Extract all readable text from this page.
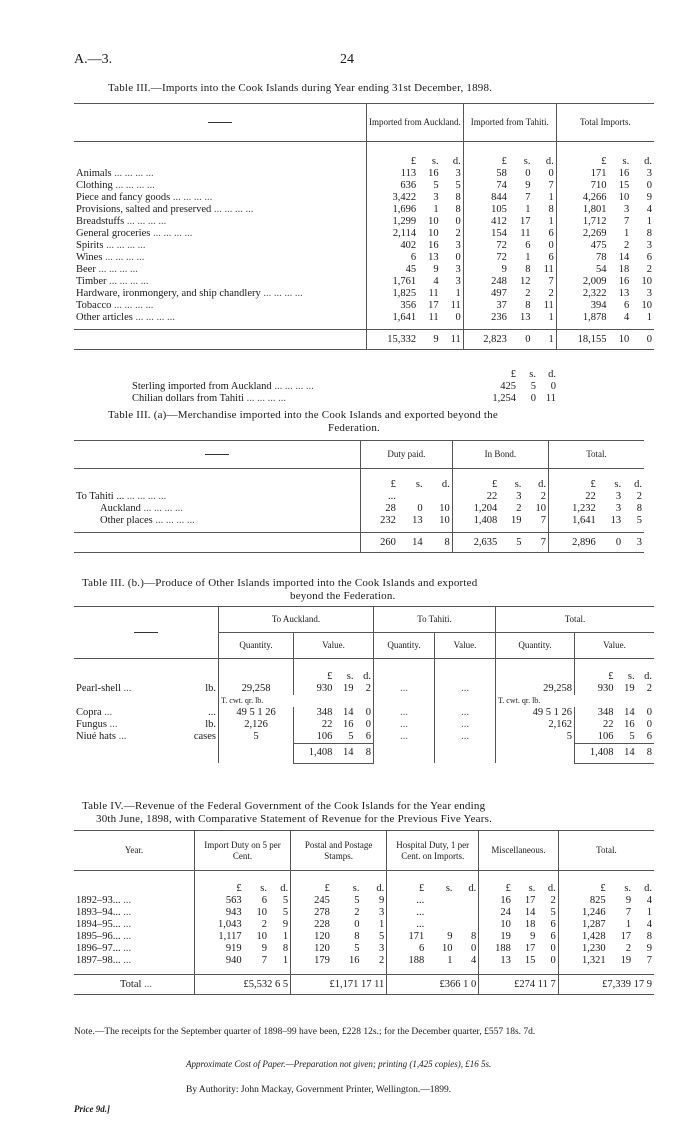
A.—3.	24
Table III.—Imports into the Cook Islands during Year ending 31st December, 1898.
	Imported from Auckland.			Imported from Tahiti.			Total Imports.		
	£	s.	d.	£	s.	d.	£	s.	d.
Animals ... ... ... ...	113	16	3	58	0	0	171	16	3
Clothing ... ... ... ...	636	5	5	74	9	7	710	15	0
Piece and fancy goods ... ... ... ...	3,422	3	8	844	7	1	4,266	10	9
Provisions, salted and preserved ... ... ... ...	1,696	1	8	105	1	8	1,801	3	4
Breadstuffs ... ... ... ...	1,299	10	0	412	17	1	1,712	7	1
General groceries ... ... ... ...	2,114	10	2	154	11	6	2,269	1	8
Spirits ... ... ... ...	402	16	3	72	6	0	475	2	3
Wines ... ... ... ...	6	13	0	72	1	6	78	14	6
Beer ... ... ... ...	45	9	3	9	8	11	54	18	2
Timber ... ... ... ...	1,761	4	3	248	12	7	2,009	16	10
Hardware, ironmongery, and ship chandlery ... ... ... ...	1,825	11	1	497	2	2	2,322	13	3
Tobacco ... ... ... ...	356	17	11	37	8	11	394	6	10
Other articles ... ... ... ...	1,641	11	0	236	13	1	1,878	4	1

	15,332	9	11	2,823	0	1	18,155	10	0
	£	s.	d.
Sterling imported from Auckland ... ... ... ...	425	5	0
Chilian dollars from Tahiti ... ... ... ...	1,254	0	11
Table III. (a)—Merchandise imported into the Cook Islands and exported beyond the
Federation.
	Duty paid.			In Bond.			Total.		
	£	s.	d.	£	s.	d.	£	s.	d.
To Tahiti ... ... ... ... ...	...			22	3	2	22	3	2
Auckland ... ... ... ...	28	0	10	1,204	2	10	1,232	3	8
Other places ... ... ... ...	232	13	10	1,408	19	7	1,641	13	5

	260	14	8	2,635	5	7	2,896	0	3
Table III. (b.)—Produce of Other Islands imported into the Cook Islands and exported
beyond the Federation.
	To Auckland.				To Tahiti.		Total.			
	Quantity.	Value.			Quantity.	Value.	Quantity.	Value.		
		£	s.	d.				£	s.	d.
Pearl-shell ... lb.	29,258	930	19	2	...	...	29,258	930	19	2
	T. cwt. qr. lb.						T. cwt. qr. lb.			
Copra ... ...	49 5 1 26	348	14	0	...	...	49 5 1 26	348	14	0
Fungus ... lb.	2,126	22	16	0	...	...	2,162	22	16	0
Niué hats ... cases	5	106	5	6	...	...	5	106	5	6
		1,408	14	8				1,408	14	8
Table IV.—Revenue of the Federal Government of the Cook Islands for the Year ending
30th June, 1898, with Comparative Statement of Revenue for the Previous Five Years.
Year.	Import Duty on 5 per Cent.			Postal and Postage Stamps.			Hospital Duty, 1 per Cent. on Imports.			Miscellaneous.			Total.		
	£	s.	d.	£	s.	d.	£	s.	d.	£	s.	d.	£	s.	d.
1892–93... ...	563	6	5	245	5	9	...			16	17	2	825	9	4
1893–94... ...	943	10	5	278	2	3	...			24	14	5	1,246	7	1
1894–95... ...	1,043	2	9	228	0	1	...			10	18	6	1,287	1	4
1895–96... ...	1,117	10	1	120	8	5	171	9	8	19	9	6	1,428	17	8
1896–97... ...	919	9	8	120	5	3	6	10	0	188	17	0	1,230	2	9
1897–98... ...	940	7	1	179	16	2	188	1	4	13	15	0	1,321	19	7

Total ...	£5,532 6 5			£1,171 17 11			£366 1 0			£274 11 7			£7,339 17 9		
Note.—The receipts for the September quarter of 1898–99 have been, £228 12s.; for the December quarter, £557 18s. 7d.
Approximate Cost of Paper.—Preparation not given; printing (1,425 copies), £16 5s.
By Authority: John Mackay, Government Printer, Wellington.—1899.
Price 9d.]
